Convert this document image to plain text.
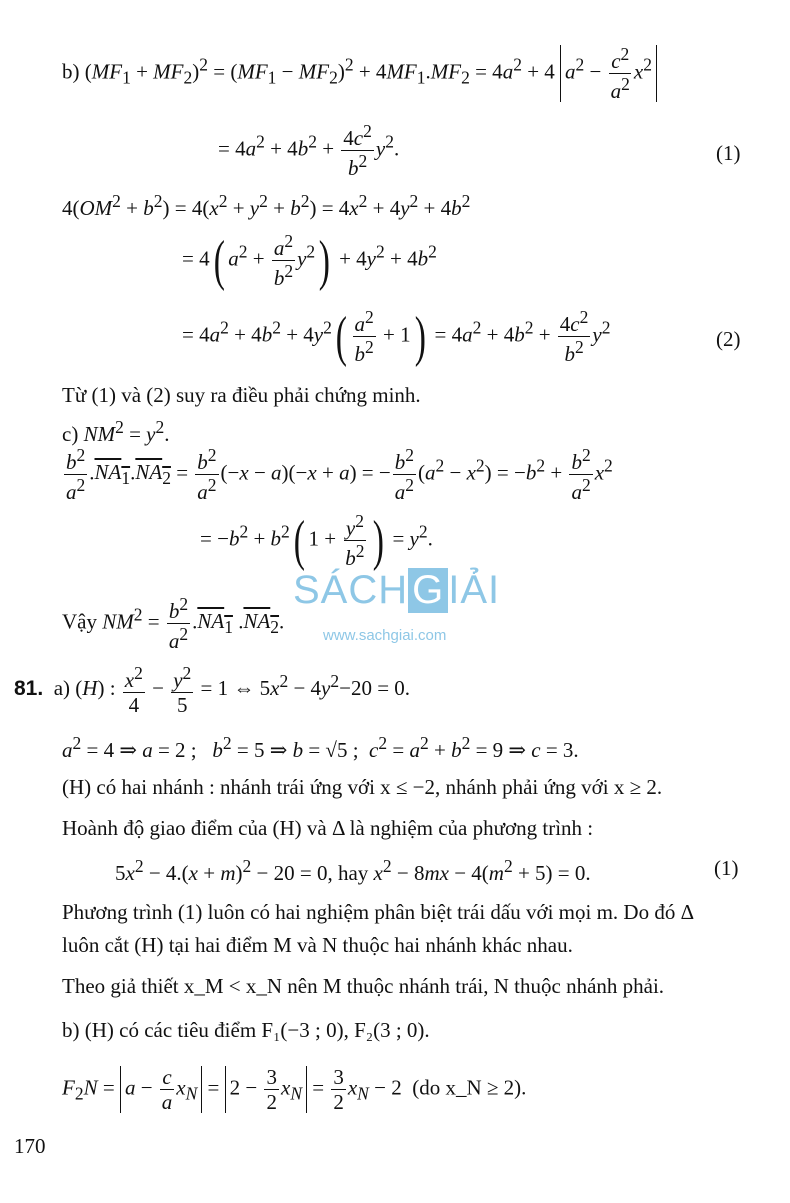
b) $(MF_1 + MF_2)^2 = (MF_1 - MF_2)^2 + 4MF_1.MF_2 = 4a^2 + 4$ $a^2 - \frac{c^2}{a^2} x^2$
= $4a^2 + 4b^2 + \frac{4c^2}{b^2} y^2$.	(1)
$4(OM^2 + b^2) = 4(x^2 + y^2 + b^2) = 4x^2 + 4y^2 + 4b^2$
= 4( $a^2 + \frac{a^2}{b^2} y^2) + 4y^2 + 4b^2$
= $4a^2 + 4b^2 + 4y^2( \frac{a^2}{b^2} + 1) = 4a^2 + 4b^2 + \frac{4c^2}{b^2} y^2$	(2)
Từ (1) và (2) suy ra điều phải chứng minh.
c) $NM^2 = y^2$.
$\frac{b^2}{a^2} .NA_1.NA_2 = \frac{b^2}{a^2} (-x - a)(-x + a)$ = − $\frac{b^2}{a^2} (a^2 - x^2) = -b^2 + \frac{b^2}{a^2} x^2$
= $-b^2 + b^2$( $1 + \frac{y^2}{b^2}$ ) = $y^2$.
SÁCH G IẢI
www.sachgiai.com
Vậy $NM^2 = \frac{b^2}{a^2} .NA_1$ $.NA_2$.
81. a) (H) : $\frac{x^2}{4} - \frac{y^2}{5} = 1$ ⇔ $5x^2 - 4y^2-20 = 0$.
$a^2 = 4$ ⇒ a = 2 ;   $b^2 = 5$ ⇒ b = √5 ;  $c^2 = a^2 + b^2 = 9$ ⇒ c = 3.
(H) có hai nhánh : nhánh trái ứng với x ≤ −2, nhánh phải ứng với x ≥ 2.
Hoành độ giao điểm của (H) và Δ là nghiệm của phương trình :
$5x^2 - 4.(x + m)^2 - 20 = 0$, hay $x^2 - 8mx - 4(m^2 + 5) = 0$.	(1)
Phương trình (1) luôn có hai nghiệm phân biệt trái dấu với mọi m. Do đó Δ
luôn cắt (H) tại hai điểm M và N thuộc hai nhánh khác nhau.
Theo giả thiết x_M < x_N nên M thuộc nhánh trái, N thuộc nhánh phải.
b) (H) có các tiêu điểm F₁(−3 ; 0), F₂(3 ; 0).
$F_2N = a - \frac{c}{a} x_N = 2 - \frac{3}{2} x_N = \frac{3}{2} x_N - 2$  (do x_N ≥ 2).
170
